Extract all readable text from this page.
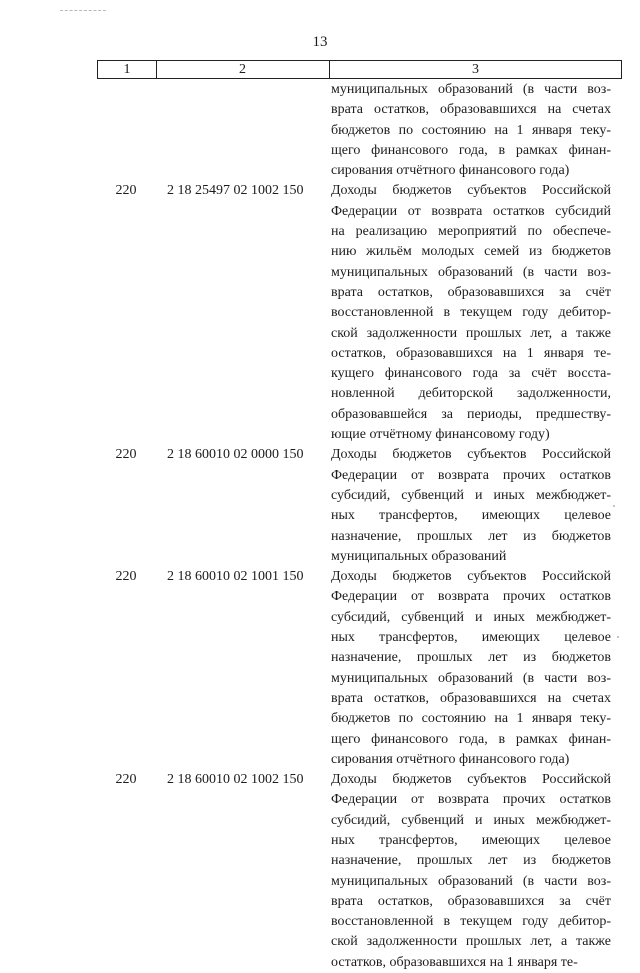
13
1	2	3
муниципальных образований (в части воз-
врата остатков, образовавшихся на счетах
бюджетов по состоянию на 1 января теку-
щего финансового года, в рамках финан-
сирования отчётного финансового года)
220	2 18 25497 02 1002 150	Доходы бюджетов субъектов Российской
Федерации от возврата остатков субсидий
на реализацию мероприятий по обеспече-
нию жильём молодых семей из бюджетов
муниципальных образований (в части воз-
врата остатков, образовавшихся за счёт
восстановленной в текущем году дебитор-
ской задолженности прошлых лет, а также
остатков, образовавшихся на 1 января те-
кущего финансового года за счёт восста-
новленной дебиторской задолженности,
образовавшейся за периоды, предшеству-
ющие отчётному финансовому году)
220	2 18 60010 02 0000 150	Доходы бюджетов субъектов Российской
Федерации от возврата прочих остатков
субсидий, субвенций и иных межбюджет-
ных трансфертов, имеющих целевое
назначение, прошлых лет из бюджетов
муниципальных образований
220	2 18 60010 02 1001 150	Доходы бюджетов субъектов Российской
Федерации от возврата прочих остатков
субсидий, субвенций и иных межбюджет-
ных трансфертов, имеющих целевое
назначение, прошлых лет из бюджетов
муниципальных образований (в части воз-
врата остатков, образовавшихся на счетах
бюджетов по состоянию на 1 января теку-
щего финансового года, в рамках финан-
сирования отчётного финансового года)
220	2 18 60010 02 1002 150	Доходы бюджетов субъектов Российской
Федерации от возврата прочих остатков
субсидий, субвенций и иных межбюджет-
ных трансфертов, имеющих целевое
назначение, прошлых лет из бюджетов
муниципальных образований (в части воз-
врата остатков, образовавшихся за счёт
восстановленной в текущем году дебитор-
ской задолженности прошлых лет, а также
остатков, образовавшихся на 1 января те-
